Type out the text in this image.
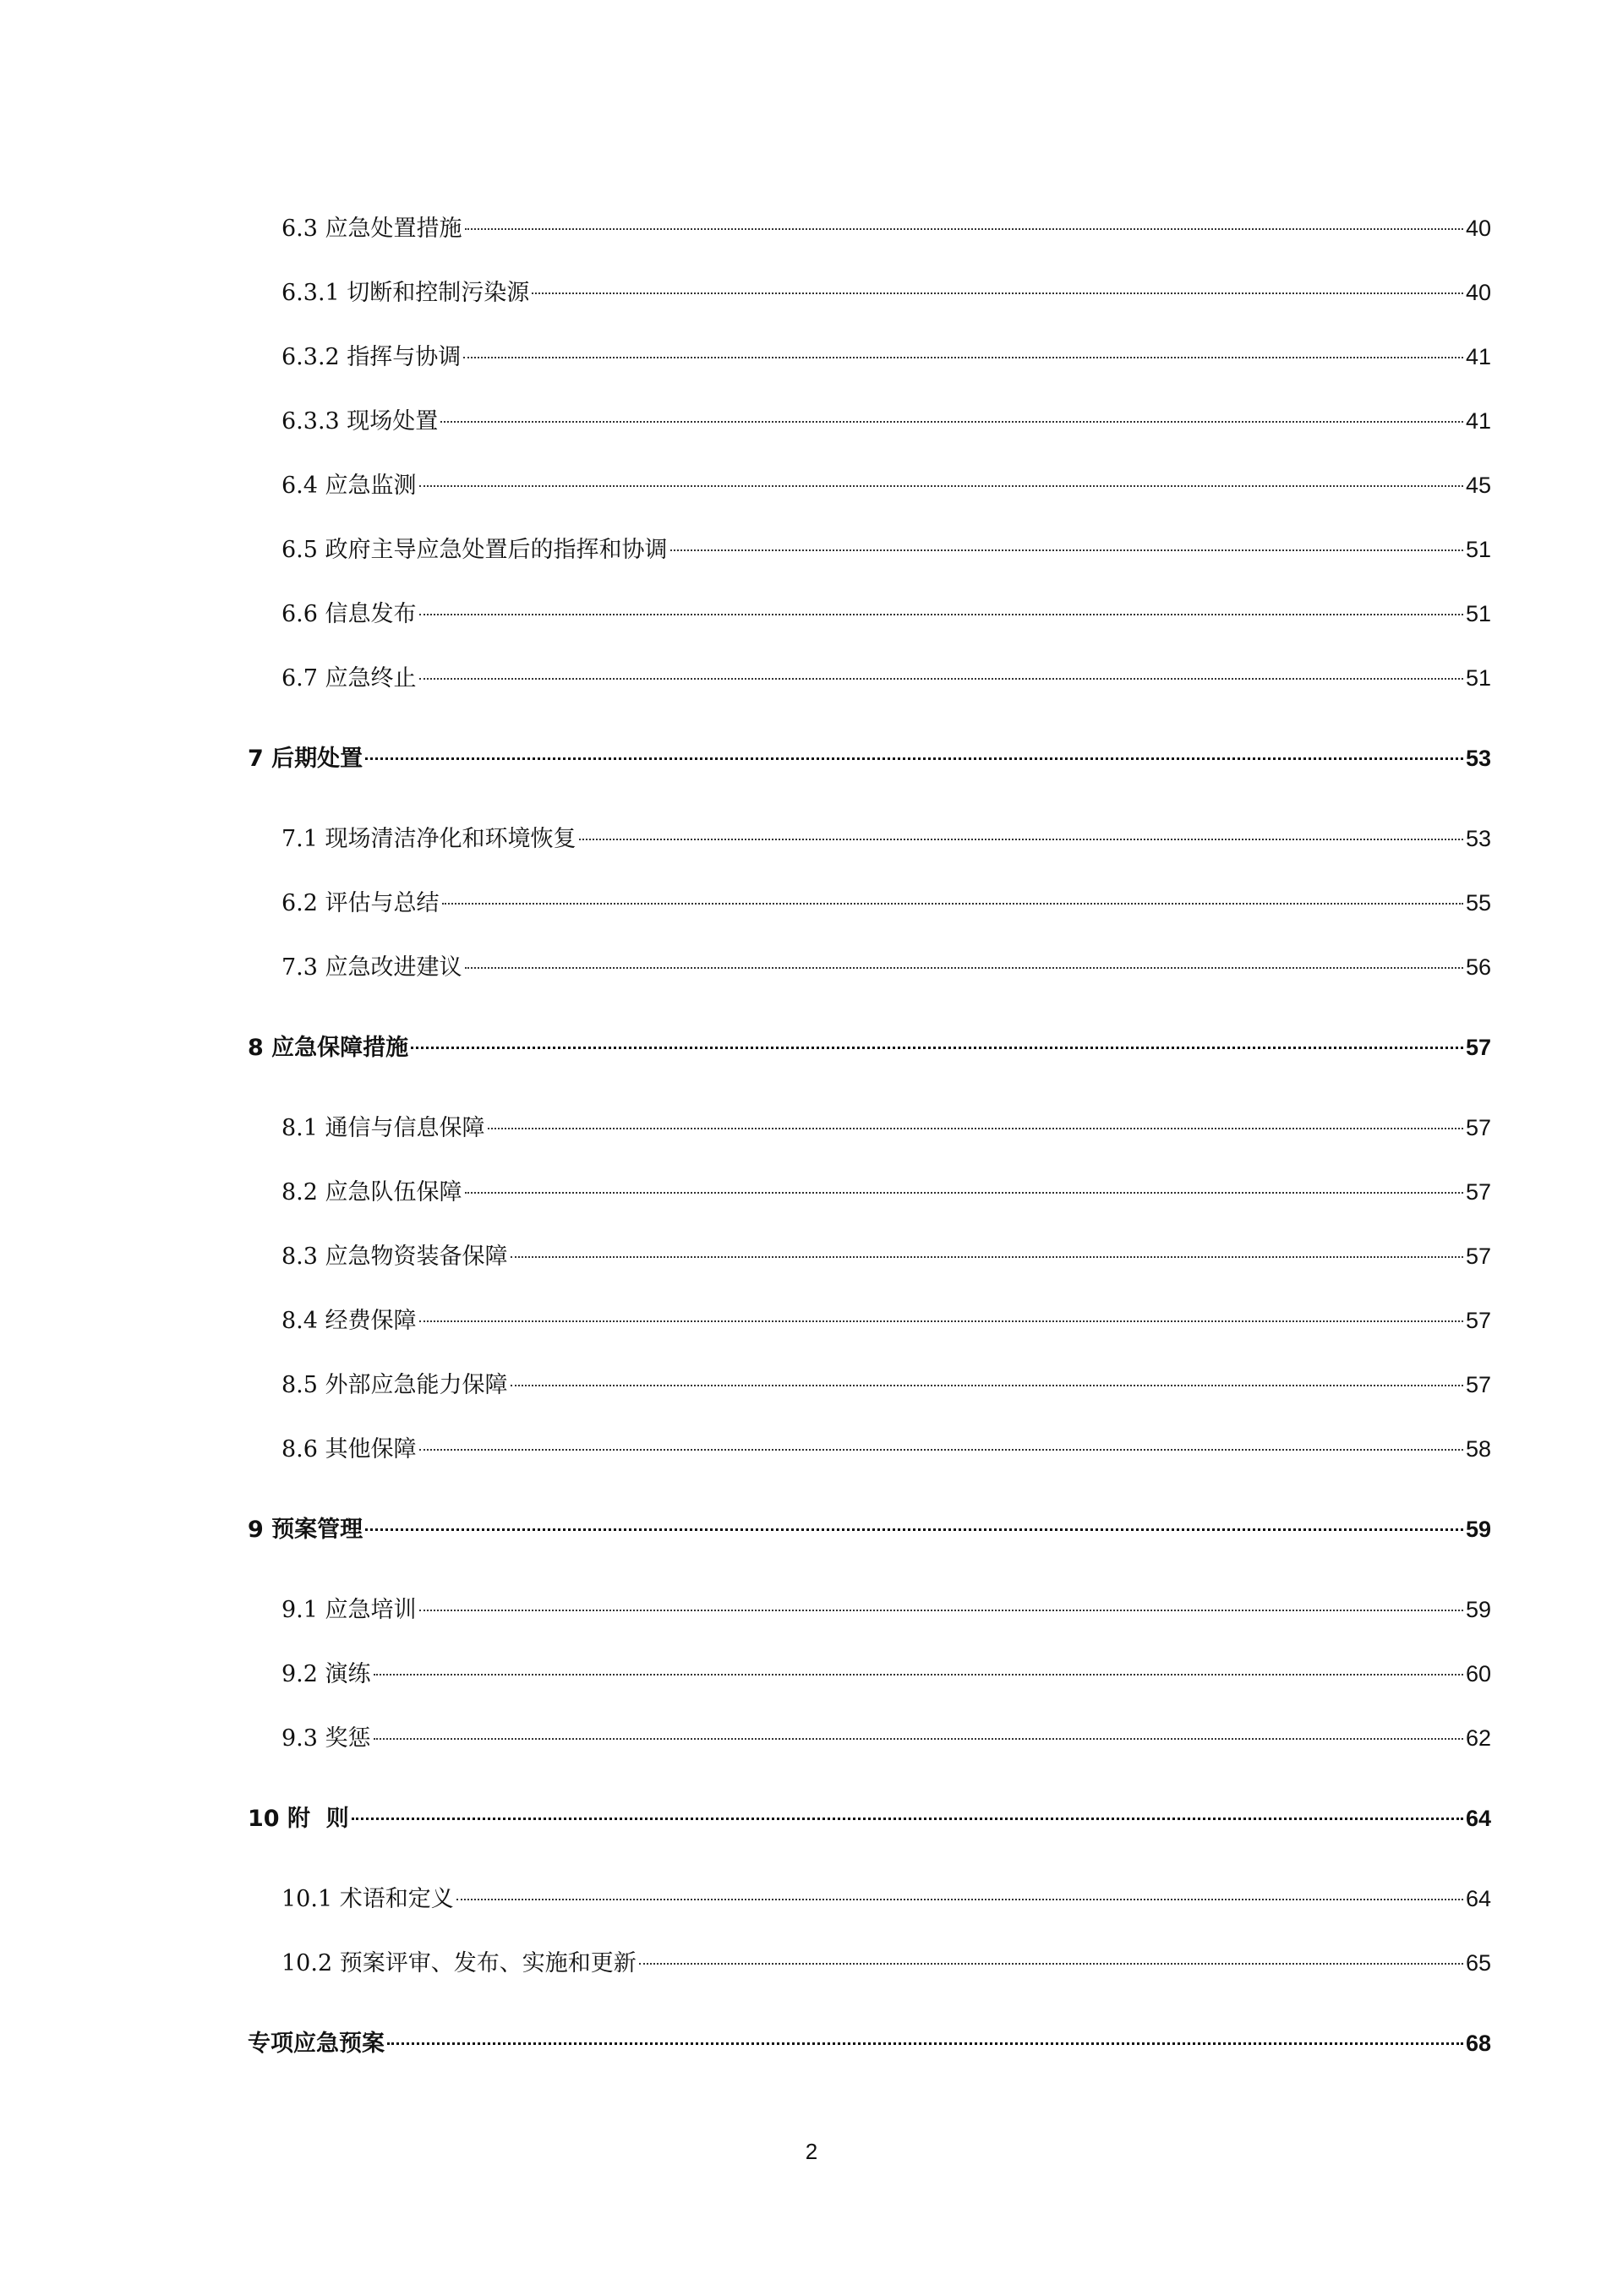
6.3 应急处置措施	40
6.3.1 切断和控制污染源	40
6.3.2 指挥与协调	41
6.3.3 现场处置	41
6.4 应急监测	45
6.5 政府主导应急处置后的指挥和协调	51
6.6 信息发布	51
6.7 应急终止	51
7 后期处置	53
7.1 现场清洁净化和环境恢复	53
6.2 评估与总结	55
7.3 应急改进建议	56
8 应急保障措施	57
8.1 通信与信息保障	57
8.2 应急队伍保障	57
8.3 应急物资装备保障	57
8.4 经费保障	57
8.5 外部应急能力保障	57
8.6 其他保障	58
9 预案管理	59
9.1 应急培训	59
9.2 演练	60
9.3 奖惩	62
10 附  则	64
10.1 术语和定义	64
10.2 预案评审、发布、实施和更新	65
专项应急预案	68
2
